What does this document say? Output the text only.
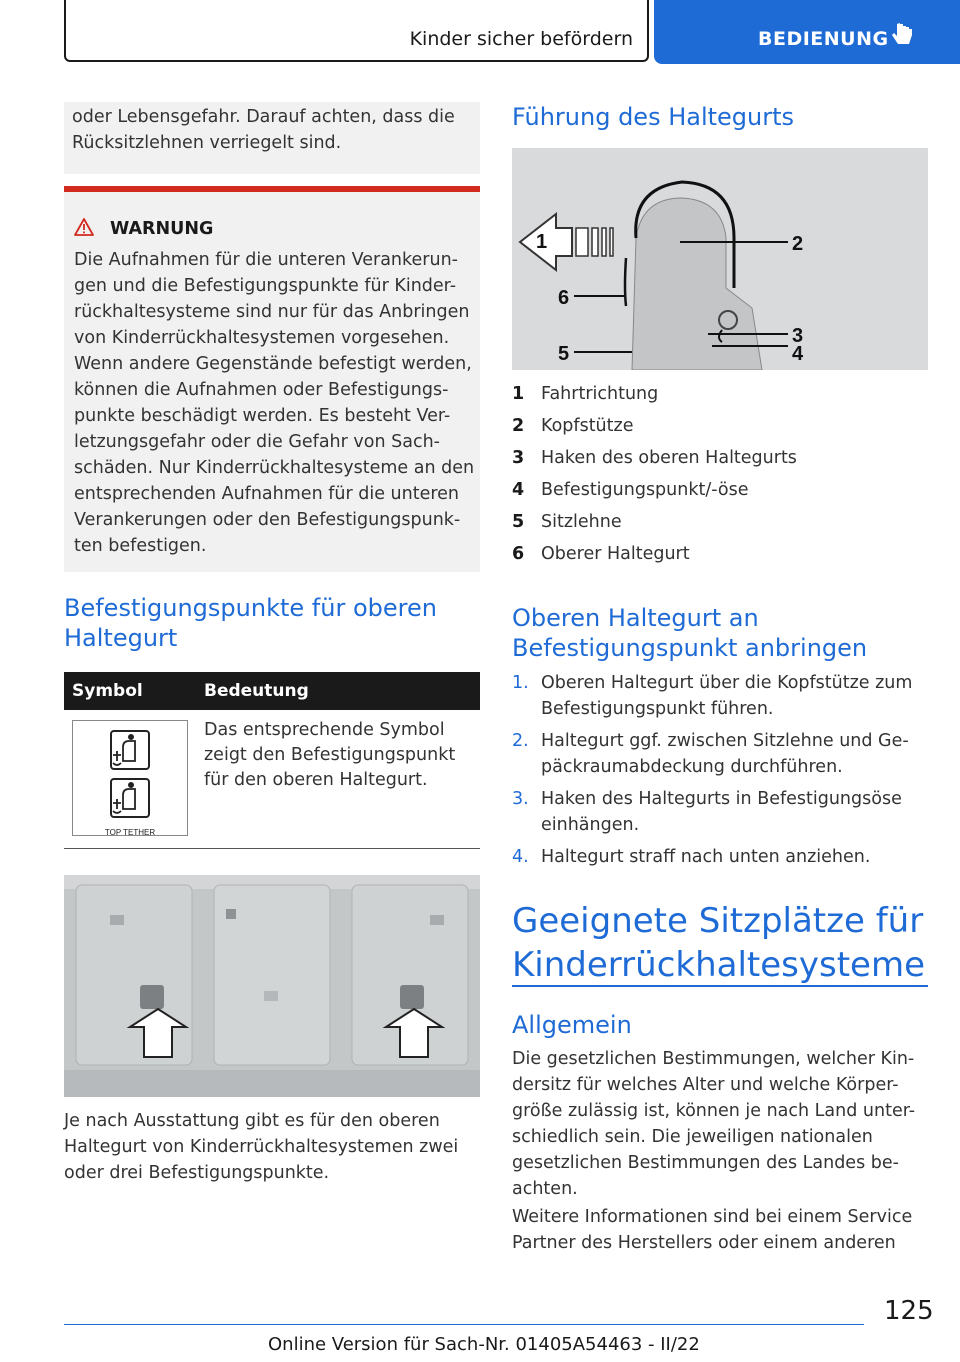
Kinder sicher befördern	BEDIENUNG
oder Lebensgefahr. Darauf achten, dass die Rücksitzlehnen verriegelt sind.
WARNUNG
Die Aufnahmen für die unteren Verankerun-gen und die Befestigungspunkte für Kinder-rückhaltesysteme sind nur für das Anbringen von Kinderrückhaltesystemen vorgesehen. Wenn andere Gegenstände befestigt werden, können die Aufnahmen oder Befestigungs-punkte beschädigt werden. Es besteht Ver-letzungsgefahr oder die Gefahr von Sach-schäden. Nur Kinderrückhaltesysteme an den entsprechenden Aufnahmen für die unteren Verankerungen oder den Befestigungspunk-ten befestigen.
Befestigungspunkte für oberen
Haltegurt
Symbol	Bedeutung

TOP TETHER	Das entsprechende Symbol zeigt den Befestigungspunkt für den oberen Haltegurt.
Je nach Ausstattung gibt es für den oberen Haltegurt von Kinderrückhaltesystemen zwei oder drei Befestigungspunkte.
Führung des Haltegurts
1	2
3
4
5
6
1 Fahrtrichtung
2 Kopfstütze
3 Haken des oberen Haltegurts
4 Befestigungspunkt/-öse
5 Sitzlehne
6 Oberer Haltegurt
Oberen Haltegurt an
Befestigungspunkt anbringen
1. Oberen Haltegurt über die Kopfstütze zum Befestigungspunkt führen.
2. Haltegurt ggf. zwischen Sitzlehne und Ge-päckraumabdeckung durchführen.
3. Haken des Haltegurts in Befestigungsöse einhängen.
4. Haltegurt straff nach unten anziehen.
Geeignete Sitzplätze für
Kinderrückhaltesysteme
Allgemein
Die gesetzlichen Bestimmungen, welcher Kin-dersitz für welches Alter und welche Körper-größe zulässig ist, können je nach Land unter-schiedlich sein. Die jeweiligen nationalen gesetzlichen Bestimmungen des Landes be-achten.
Weitere Informationen sind bei einem Service Partner des Herstellers oder einem anderen
125
Online Version für Sach-Nr. 01405A54463 - II/22
